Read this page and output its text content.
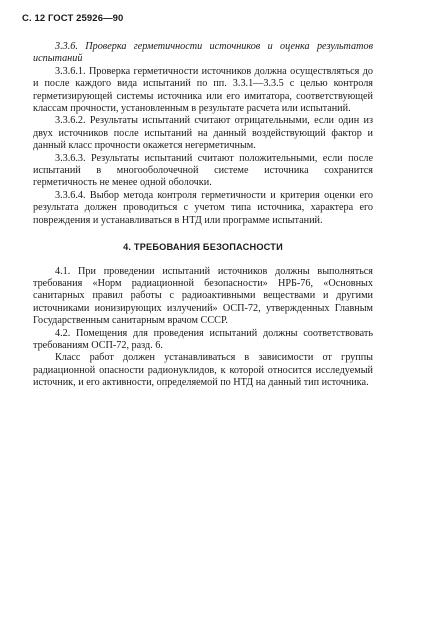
С. 12 ГОСТ 25926—90

3.3.6. Проверка герметичности источников и оценка результатов испытаний

3.3.6.1. Проверка герметичности источников должна осуществляться до и после каждого вида испытаний по пп. 3.3.1—3.3.5 с целью контроля герметизирующей системы источника или его имитатора, соответствующей классам прочности, установленным в результате расчета или испытаний.

3.3.6.2. Результаты испытаний считают отрицательными, если один из двух источников после испытаний на данный воздействующий фактор и данный класс прочности окажется негерметичным.

3.3.6.3. Результаты испытаний считают положительными, если после испытаний в многооболочечной системе источника сохранится герметичность не менее одной оболочки.

3.3.6.4. Выбор метода контроля герметичности и критерия оценки его результата должен проводиться с учетом типа источника, характера его повреждения и устанавливаться в НТД или программе испытаний.

4. ТРЕБОВАНИЯ БЕЗОПАСНОСТИ

4.1. При проведении испытаний источников должны выполняться требования «Норм радиационной безопасности» НРБ-76, «Основных санитарных правил работы с радиоактивными веществами и другими источниками ионизирующих излучений» ОСП-72, утвержденных Главным Государственным санитарным врачом СССР.

4.2. Помещения для проведения испытаний должны соответствовать требованиям ОСП-72, разд. 6.

Класс работ должен устанавливаться в зависимости от группы радиационной опасности радионуклидов, к которой относится исследуемый источник, и его активности, определяемой по НТД на данный тип источника.
